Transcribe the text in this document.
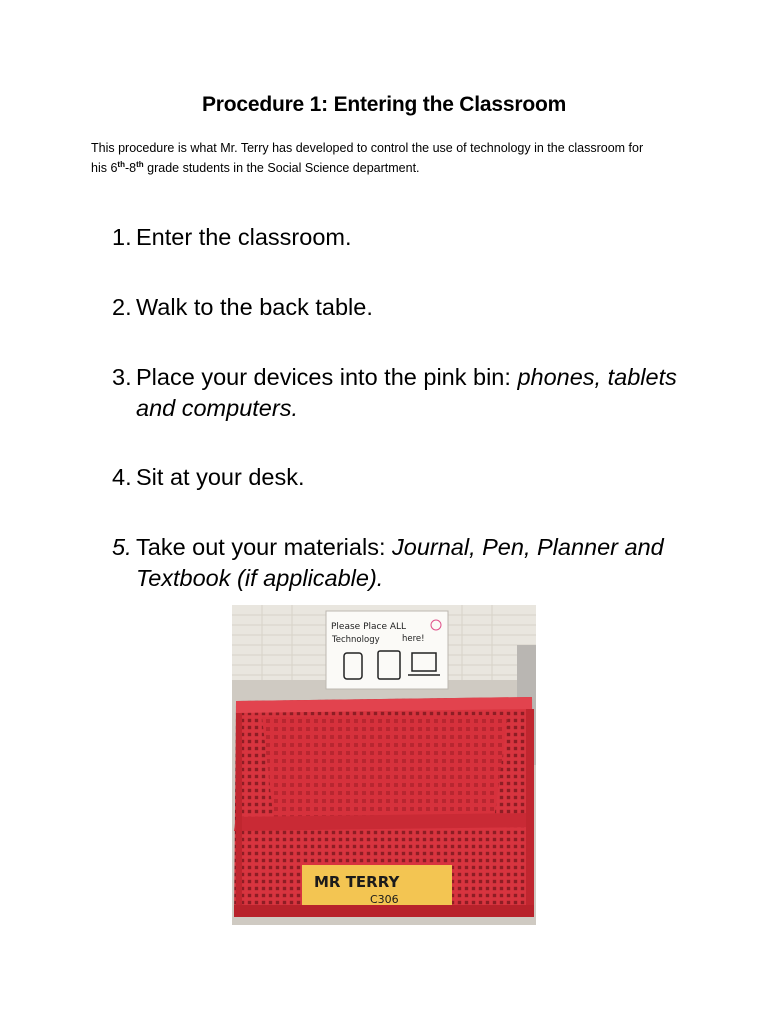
Procedure 1: Entering the Classroom
This procedure is what Mr. Terry has developed to control the use of technology in the classroom for his 6th-8th grade students in the Social Science department.
1. Enter the classroom.
2. Walk to the back table.
3. Place your devices into the pink bin: phones, tablets and computers.
4. Sit at your desk.
5. Take out your materials: Journal, Pen, Planner and Textbook (if applicable).
Please Place ALL
Technology	here!
MR TERRY
C306
